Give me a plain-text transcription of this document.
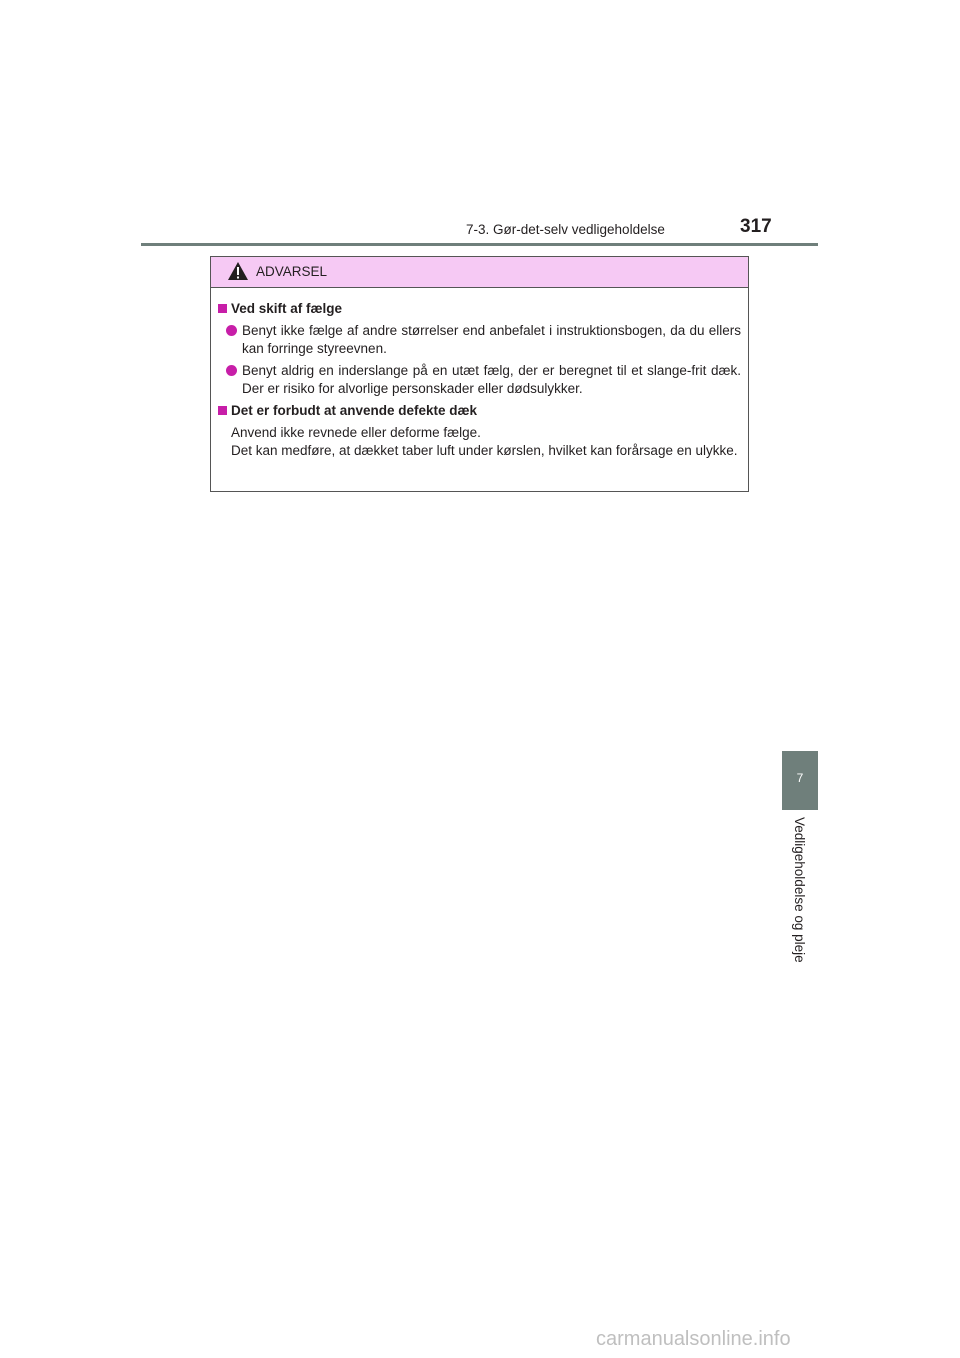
7-3. Gør-det-selv vedligeholdelse	317
ADVARSEL
Ved skift af fælge
Benyt ikke fælge af andre størrelser end anbefalet i instruktionsbogen, da du ellers kan forringe styreevnen.
Benyt aldrig en inderslange på en utæt fælg, der er beregnet til et slange-frit dæk. Der er risiko for alvorlige personskader eller dødsulykker.
Det er forbudt at anvende defekte dæk
Anvend ikke revnede eller deforme fælge.
Det kan medføre, at dækket taber luft under kørslen, hvilket kan forårsage en ulykke.
7
Vedligeholdelse og pleje
carmanualsonline.info
